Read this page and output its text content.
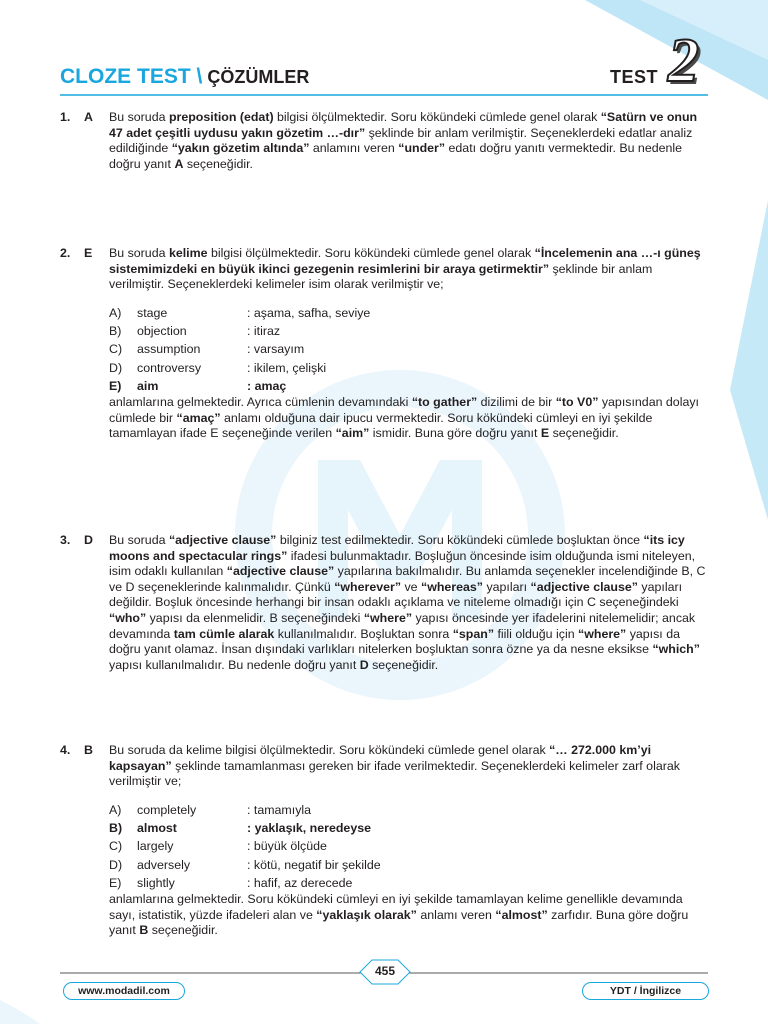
CLOZE TEST \ ÇÖZÜMLER	TEST 2
1.	A Bu soruda preposition (edat) bilgisi ölçülmektedir. Soru kökündeki cümlede genel olarak “Satürn ve onun 47 adet çeşitli uydusu yakın gözetim …-dır” şeklinde bir anlam verilmiştir. Seçeneklerdeki edatlar analiz edildiğinde “yakın gözetim altında” anlamını veren “under” edatı doğru yanıtı vermektedir. Bu nedenle doğru yanıt A seçeneğidir.

2.	E Bu soruda kelime bilgisi ölçülmektedir. Soru kökündeki cümlede genel olarak “İncelemenin ana …-ı güneş sistemimizdeki en büyük ikinci gezegenin resimlerini bir araya getirmektir” şeklinde bir anlam verilmiştir. Seçeneklerdeki kelimeler isim olarak verilmiştir ve;

A)	stage	: aşama, safha, seviye
B)	objection	: itiraz
C)	assumption	: varsayım
D)	controversy	: ikilem, çelişki
E)	aim	: amaç

anlamlarına gelmektedir. Ayrıca cümlenin devamındaki “to gather” dizilimi de bir “to V0” yapısından dolayı cümlede bir “amaç” anlamı olduğuna dair ipucu vermektedir. Soru kökündeki cümleyi en iyi şekilde tamamlayan ifade E seçeneğinde verilen “aim” ismidir. Buna göre doğru yanıt E seçeneğidir.

3.	D Bu soruda “adjective clause” bilginiz test edilmektedir. Soru kökündeki cümlede boşluktan önce “its icy moons and spectacular rings” ifadesi bulunmaktadır. Boşluğun öncesinde isim olduğunda ismi niteleyen, isim odaklı kullanılan “adjective clause” yapılarına bakılmalıdır. Bu anlamda seçenekler incelendiğinde B, C ve D seçeneklerinde kalınmalıdır. Çünkü “wherever” ve “whereas” yapıları “adjective clause” yapıları değildir. Boşluk öncesinde herhangi bir insan odaklı açıklama ve niteleme olmadığı için C seçeneğindeki “who” yapısı da elenmelidir. B seçeneğindeki “where” yapısı öncesinde yer ifadelerini nitelemelidir; ancak devamında tam cümle alarak kullanılmalıdır. Boşluktan sonra “span” fiili olduğu için “where” yapısı da doğru yanıt olamaz. İnsan dışındaki varlıkları nitelerken boşluktan sonra özne ya da nesne eksikse “which” yapısı kullanılmalıdır. Bu nedenle doğru yanıt D seçeneğidir.

4.	B Bu soruda da kelime bilgisi ölçülmektedir. Soru kökündeki cümlede genel olarak “… 272.000 km’yi kapsayan” şeklinde tamamlanması gereken bir ifade verilmektedir. Seçeneklerdeki kelimeler zarf olarak verilmiştir ve;

A)	completely	: tamamıyla
B)	almost	: yaklaşık, neredeyse
C)	largely	: büyük ölçüde
D)	adversely	: kötü, negatif bir şekilde
E)	slightly	: hafif, az derecede

anlamlarına gelmektedir. Soru kökündeki cümleyi en iyi şekilde tamamlayan kelime genellikle devamında sayı, istatistik, yüzde ifadeleri alan ve “yaklaşık olarak” anlamı veren “almost” zarfıdır. Buna göre doğru yanıt B seçeneğidir.

www.modadil.com
455
YDT / İngilizce
